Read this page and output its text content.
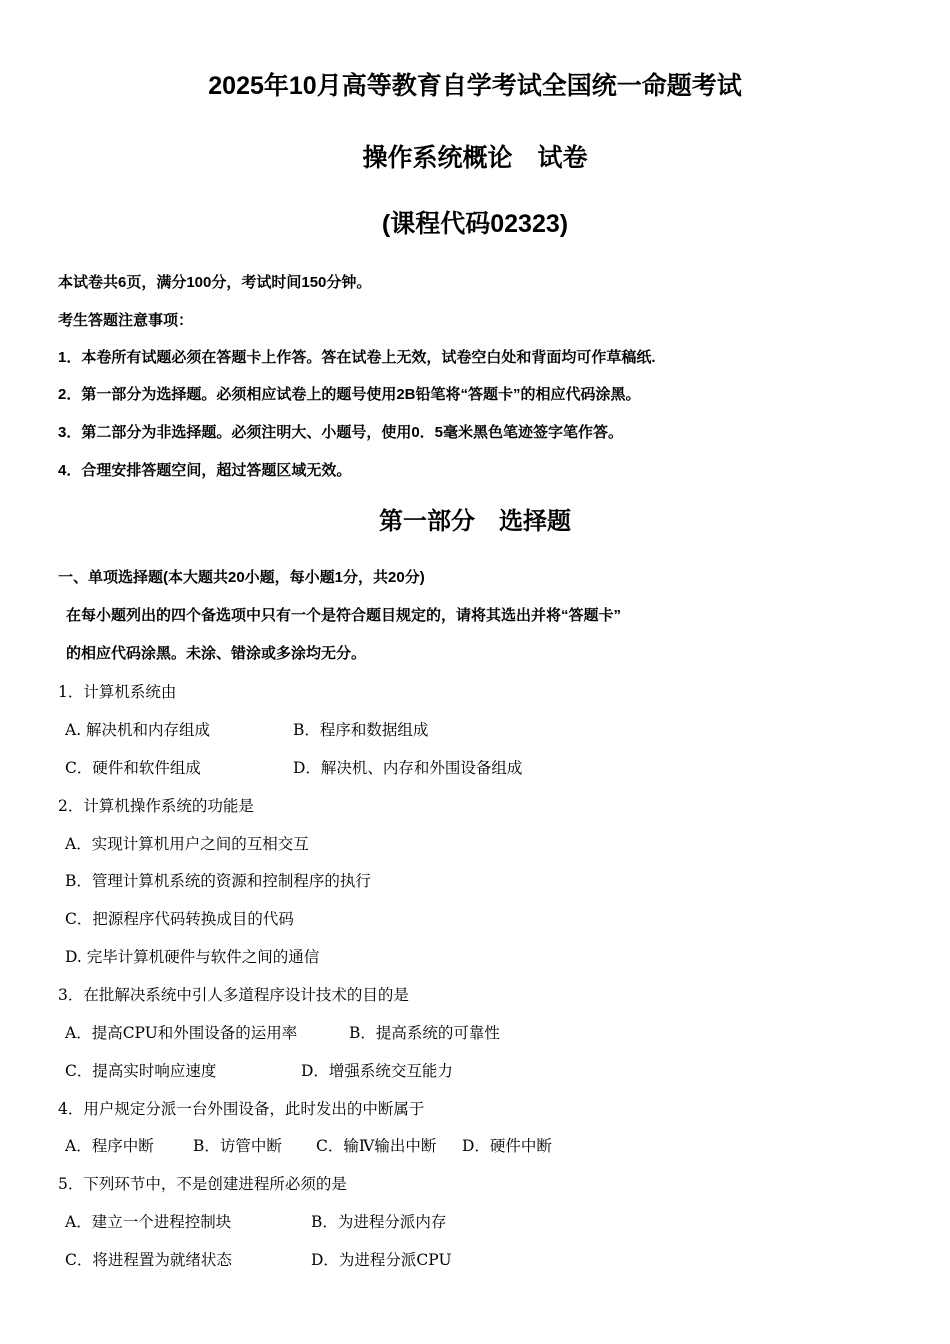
2025年10月高等教育自学考试全国统一命题考试
操作系统概论　试卷
(课程代码02323)
本试卷共6页，满分100分，考试时间150分钟。
考生答题注意事项：
1．本卷所有试题必须在答题卡上作答。答在试卷上无效，试卷空白处和背面均可作草稿纸.
2．第一部分为选择题。必须相应试卷上的题号使用2B铅笔将“答题卡”的相应代码涂黑。
3．第二部分为非选择题。必须注明大、小题号，使用0．5毫米黑色笔迹签字笔作答。
4．合理安排答题空间，超过答题区域无效。
第一部分　选择题
一、单项选择题(本大题共20小题，每小题1分，共20分)
在每小题列出的四个备选项中只有一个是符合题目规定的，请将其选出并将“答题卡”
的相应代码涂黑。未涂、错涂或多涂均无分。
1．计算机系统由
A. 解决机和内存组成	B．程序和数据组成
C．硬件和软件组成	D．解决机、内存和外围设备组成
2．计算机操作系统的功能是
A．实现计算机用户之间的互相交互
B．管理计算机系统的资源和控制程序的执行
C．把源程序代码转换成目的代码
D. 完毕计算机硬件与软件之间的通信
3．在批解决系统中引人多道程序设计技术的目的是
A．提高CPU和外围设备的运用率	B．提高系统的可靠性
C．提高实时响应速度	D．增强系统交互能力
4．用户规定分派一台外围设备，此时发出的中断属于
A．程序中断	B．访管中断 C．输Ⅳ输出中断 D．硬件中断
5．下列环节中，不是创建进程所必须的是
A．建立一个进程控制块	B．为进程分派内存
C．将进程置为就绪状态	D．为进程分派CPU
